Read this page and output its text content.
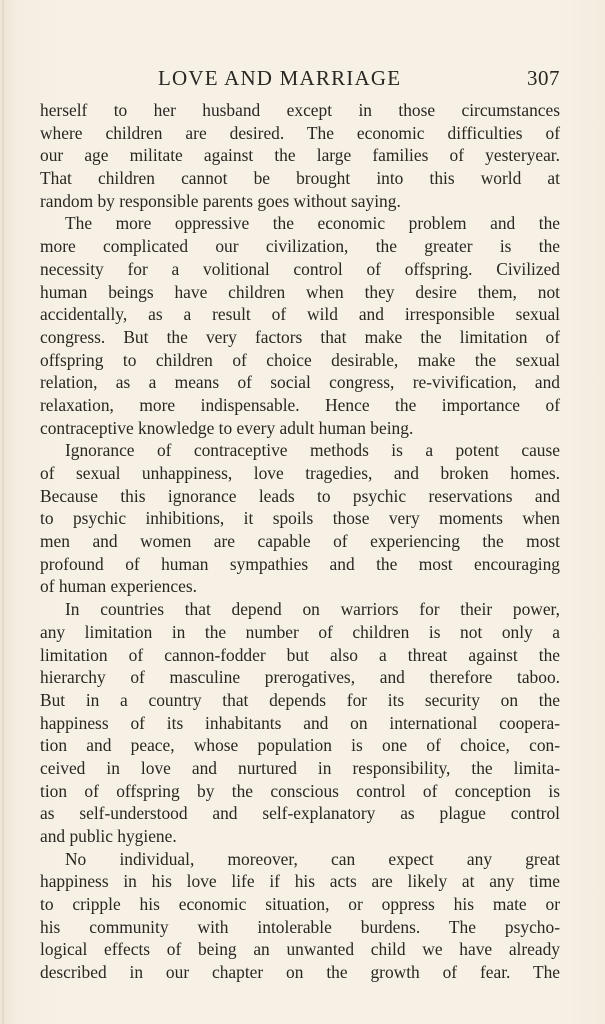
LOVE AND MARRIAGE	307
herself to her husband except in those circumstances
where children are desired. The economic difficulties of
our age militate against the large families of yesteryear.
That children cannot be brought into this world at
random by responsible parents goes without saying.
The more oppressive the economic problem and the
more complicated our civilization, the greater is the
necessity for a volitional control of offspring. Civilized
human beings have children when they desire them, not
accidentally, as a result of wild and irresponsible sexual
congress. But the very factors that make the limitation of
offspring to children of choice desirable, make the sexual
relation, as a means of social congress, re-vivification, and
relaxation, more indispensable. Hence the importance of
contraceptive knowledge to every adult human being.
Ignorance of contraceptive methods is a potent cause
of sexual unhappiness, love tragedies, and broken homes.
Because this ignorance leads to psychic reservations and
to psychic inhibitions, it spoils those very moments when
men and women are capable of experiencing the most
profound of human sympathies and the most encouraging
of human experiences.
In countries that depend on warriors for their power,
any limitation in the number of children is not only a
limitation of cannon-fodder but also a threat against the
hierarchy of masculine prerogatives, and therefore taboo.
But in a country that depends for its security on the
happiness of its inhabitants and on international coopera-
tion and peace, whose population is one of choice, con-
ceived in love and nurtured in responsibility, the limita-
tion of offspring by the conscious control of conception is
as self-understood and self-explanatory as plague control
and public hygiene.
No individual, moreover, can expect any great
happiness in his love life if his acts are likely at any time
to cripple his economic situation, or oppress his mate or
his community with intolerable burdens. The psycho-
logical effects of being an unwanted child we have already
described in our chapter on the growth of fear. The
